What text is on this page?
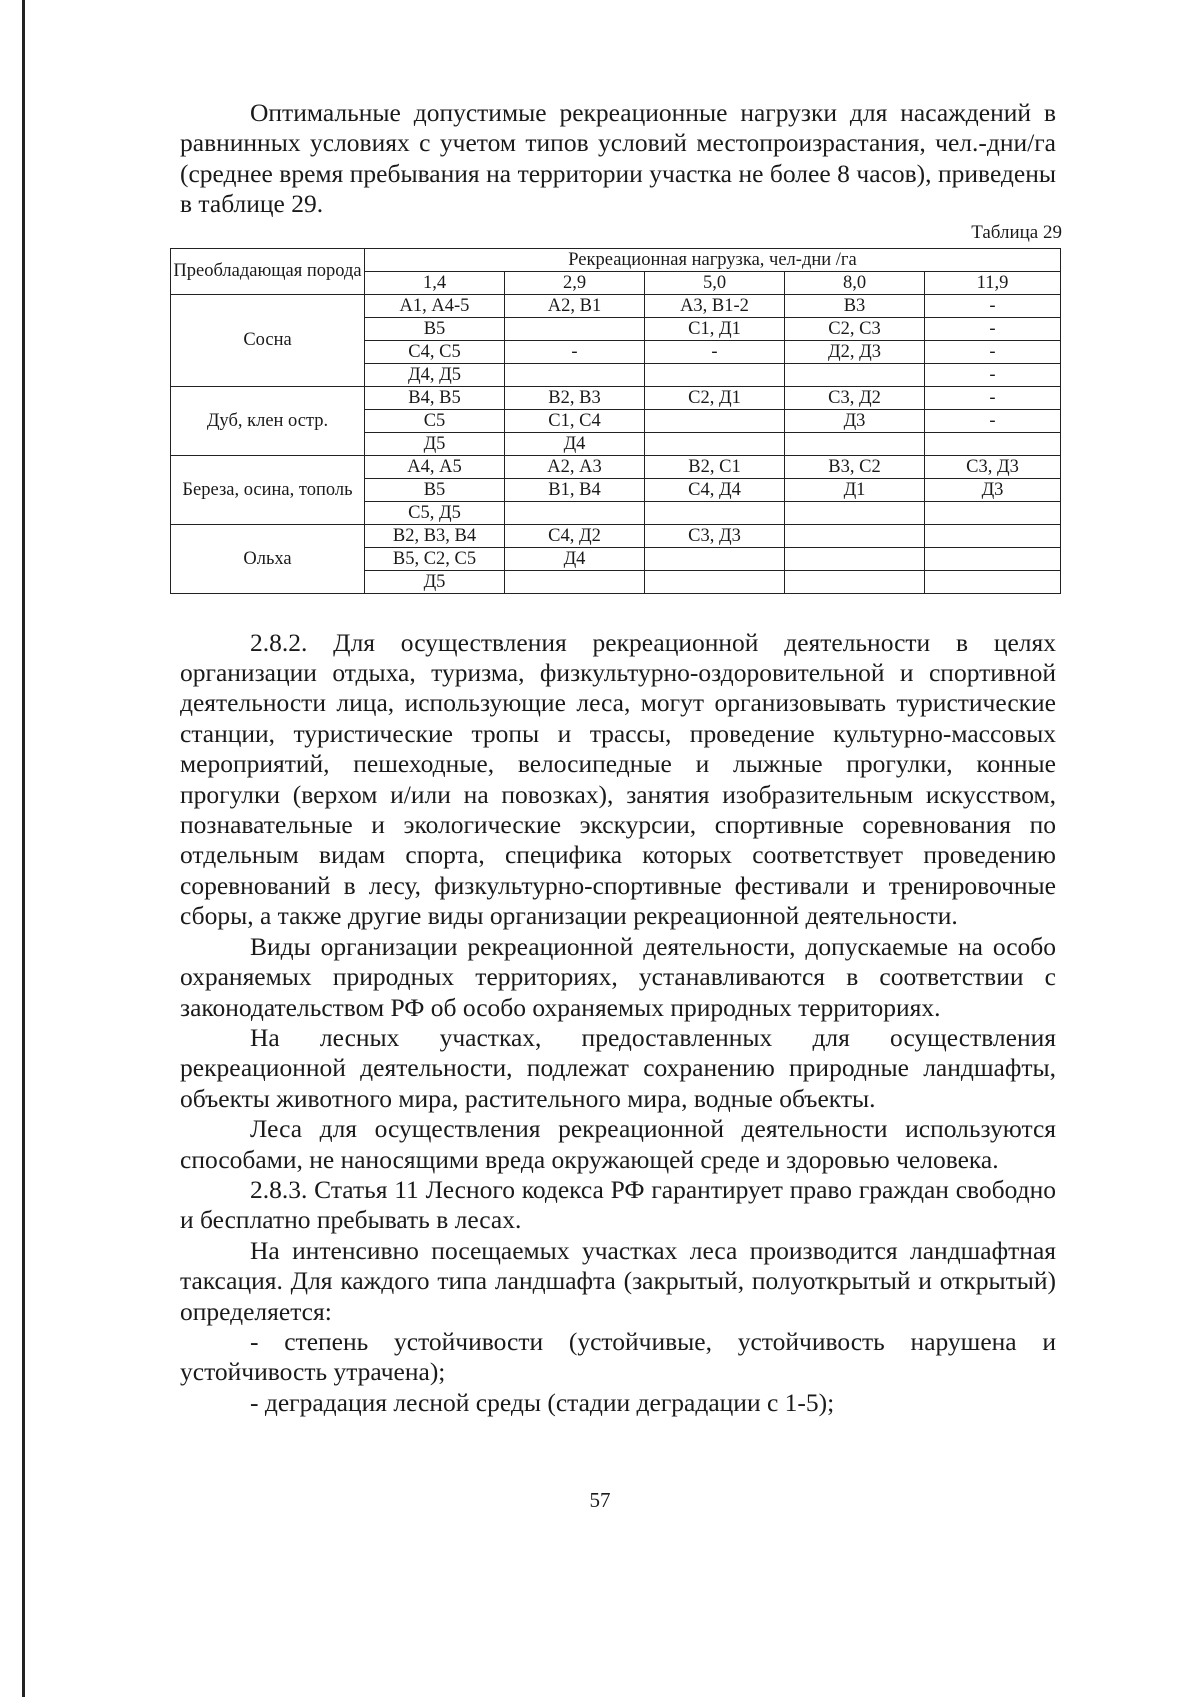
Оптимальные допустимые рекреационные нагрузки для насаждений в равнинных условиях с учетом типов условий местопроизрастания, чел.-дни/га (среднее время пребывания на территории участка не более 8 часов), приведены в таблице 29.

Таблица 29
Преобладающая порода	Рекреационная нагрузка, чел-дни /га				
	1,4	2,9	5,0	8,0	11,9
Сосна	А1, А4-5	А2, В1	А3, В1-2	В3	-
	В5		С1, Д1	С2, С3	-
	С4, С5	-	-	Д2, Д3	-
	Д4, Д5				-
Дуб, клен остр.	В4, В5	В2, В3	С2, Д1	С3, Д2	-
	С5	С1, С4		Д3	-
	Д5	Д4			
Береза, осина, тополь	А4, А5	А2, А3	В2, С1	В3, С2	С3, Д3
	В5	В1, В4	С4, Д4	Д1	Д3
	С5, Д5				
Ольха	В2, В3, В4	С4, Д2	С3, Д3		
	В5, С2, С5	Д4			
	Д5				

2.8.2. Для осуществления рекреационной деятельности в целях организации отдыха, туризма, физкультурно-оздоровительной и спортивной деятельности лица, использующие леса, могут организовывать туристические станции, туристические тропы и трассы, проведение культурно-массовых мероприятий, пешеходные, велосипедные и лыжные прогулки, конные прогулки (верхом и/или на повозках), занятия изобразительным искусством, познавательные и экологические экскурсии, спортивные соревнования по отдельным видам спорта, специфика которых соответствует проведению соревнований в лесу, физкультурно-спортивные фестивали и тренировочные сборы, а также другие виды организации рекреационной деятельности.

Виды организации рекреационной деятельности, допускаемые на особо охраняемых природных территориях, устанавливаются в соответствии с законодательством РФ об особо охраняемых природных территориях.

На лесных участках, предоставленных для осуществления рекреационной деятельности, подлежат сохранению природные ландшафты, объекты животного мира, растительного мира, водные объекты.

Леса для осуществления рекреационной деятельности используются способами, не наносящими вреда окружающей среде и здоровью человека.

2.8.3. Статья 11 Лесного кодекса РФ гарантирует право граждан свободно и бесплатно пребывать в лесах.

На интенсивно посещаемых участках леса производится ландшафтная таксация. Для каждого типа ландшафта (закрытый, полуоткрытый и открытый) определяется:

- степень устойчивости (устойчивые, устойчивость нарушена и устойчивость утрачена);

- деградация лесной среды (стадии деградации с 1-5);

57
